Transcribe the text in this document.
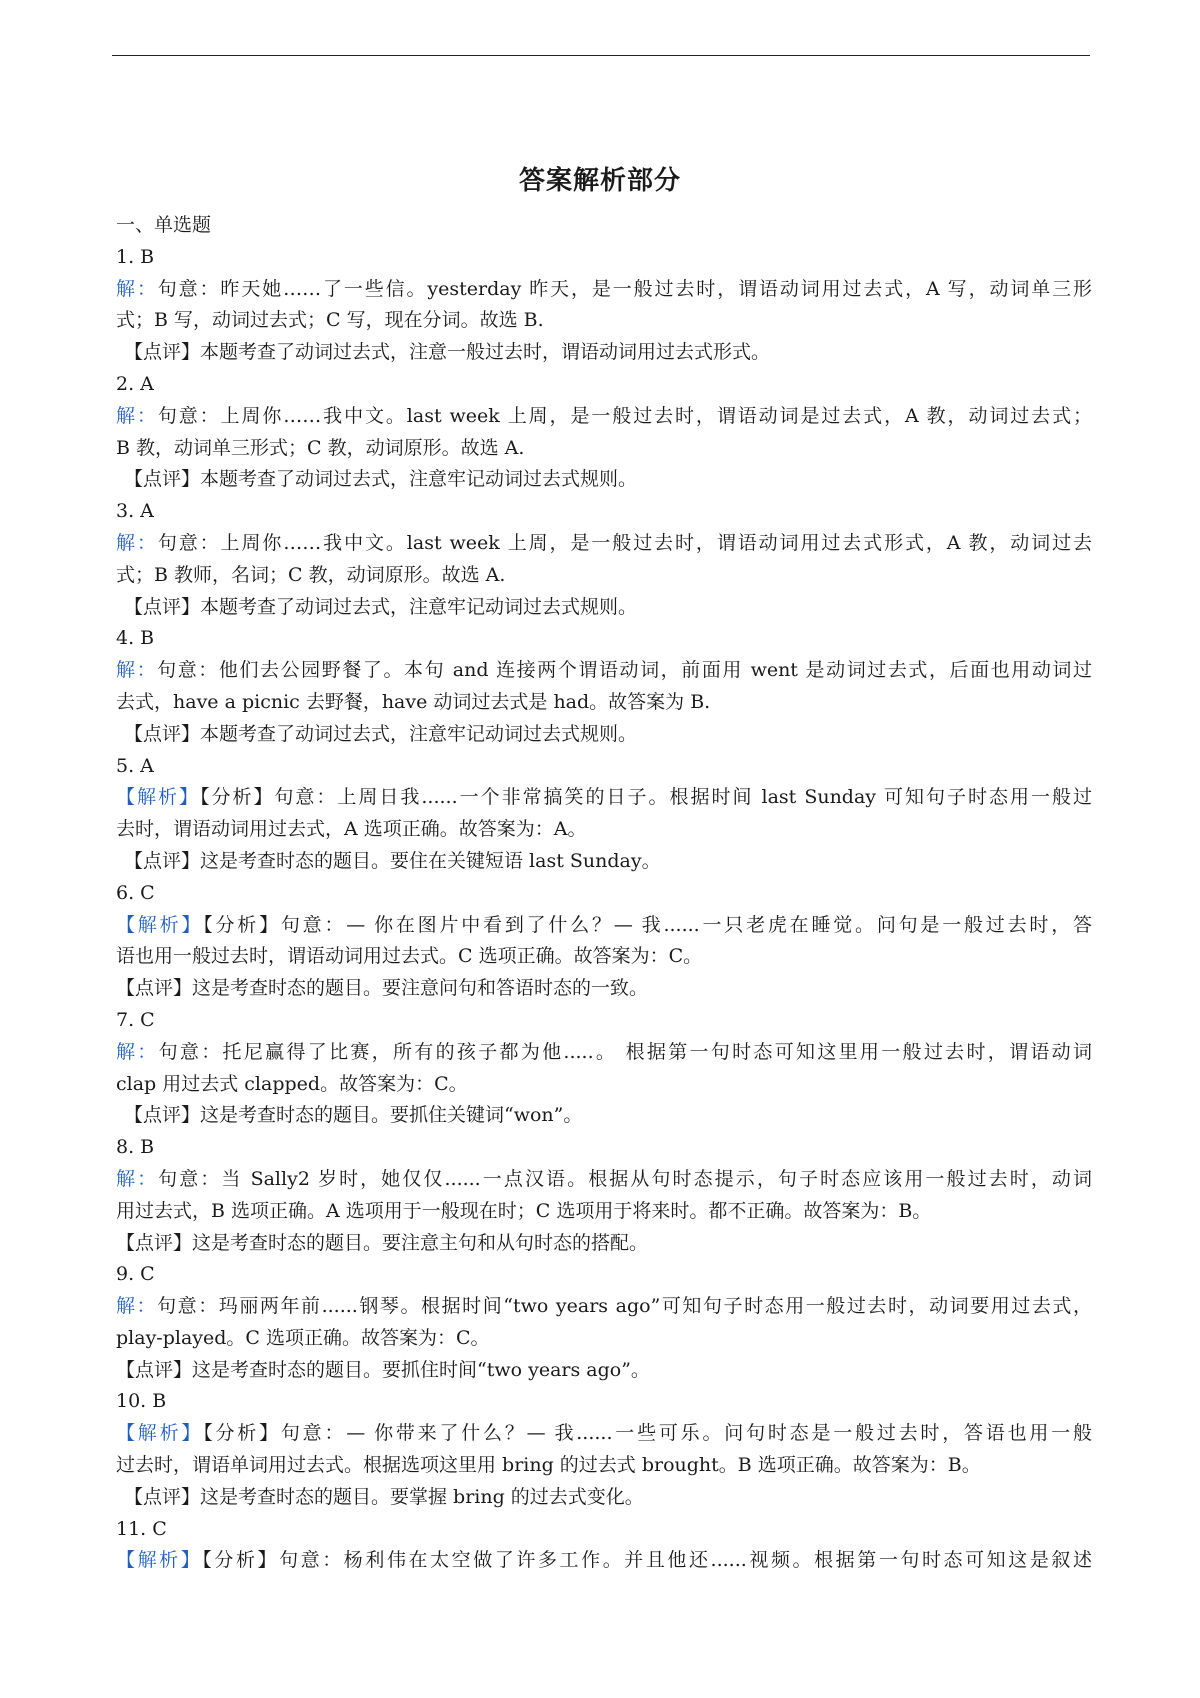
答案解析部分
一、单选题
1. B
解：句意：昨天她……了一些信。yesterday 昨天，是一般过去时，谓语动词用过去式，A 写，动词单三形
式；B 写，动词过去式；C 写，现在分词。故选 B.
【点评】本题考查了动词过去式，注意一般过去时，谓语动词用过去式形式。
2. A
解：句意：上周你……我中文。last week 上周，是一般过去时，谓语动词是过去式，A 教，动词过去式；
B 教，动词单三形式；C 教，动词原形。故选 A.
【点评】本题考查了动词过去式，注意牢记动词过去式规则。
3. A
解：句意：上周你……我中文。last week 上周，是一般过去时，谓语动词用过去式形式，A 教，动词过去
式；B 教师，名词；C 教，动词原形。故选 A.
【点评】本题考查了动词过去式，注意牢记动词过去式规则。
4. B
解：句意：他们去公园野餐了。本句 and 连接两个谓语动词，前面用 went 是动词过去式，后面也用动词过
去式，have a picnic 去野餐，have 动词过去式是 had。故答案为 B.
【点评】本题考查了动词过去式，注意牢记动词过去式规则。
5. A
【解析】【分析】句意：上周日我......一个非常搞笑的日子。根据时间 last Sunday 可知句子时态用一般过
去时，谓语动词用过去式，A 选项正确。故答案为：A。
【点评】这是考查时态的题目。要住在关键短语 last Sunday。
6. C
【解析】【分析】句意：— 你在图片中看到了什么？— 我......一只老虎在睡觉。问句是一般过去时，答
语也用一般过去时，谓语动词用过去式。C 选项正确。故答案为：C。
【点评】这是考查时态的题目。要注意问句和答语时态的一致。
7. C
解：句意：托尼赢得了比赛，所有的孩子都为他.....。 根据第一句时态可知这里用一般过去时，谓语动词
clap 用过去式 clapped。故答案为：C。
【点评】这是考查时态的题目。要抓住关键词“won”。
8. B
解：句意：当 Sally2 岁时，她仅仅......一点汉语。根据从句时态提示，句子时态应该用一般过去时，动词
用过去式，B 选项正确。A 选项用于一般现在时；C 选项用于将来时。都不正确。故答案为：B。
【点评】这是考查时态的题目。要注意主句和从句时态的搭配。
9. C
解：句意：玛丽两年前......钢琴。根据时间“two years ago”可知句子时态用一般过去时，动词要用过去式，
play-played。C 选项正确。故答案为：C。
【点评】这是考查时态的题目。要抓住时间“two years ago”。
10. B
【解析】【分析】句意：— 你带来了什么？— 我......一些可乐。问句时态是一般过去时，答语也用一般
过去时，谓语单词用过去式。根据选项这里用 bring 的过去式 brought。B 选项正确。故答案为：B。
【点评】这是考查时态的题目。要掌握 bring 的过去式变化。
11. C
【解析】【分析】句意：杨利伟在太空做了许多工作。并且他还......视频。根据第一句时态可知这是叙述
